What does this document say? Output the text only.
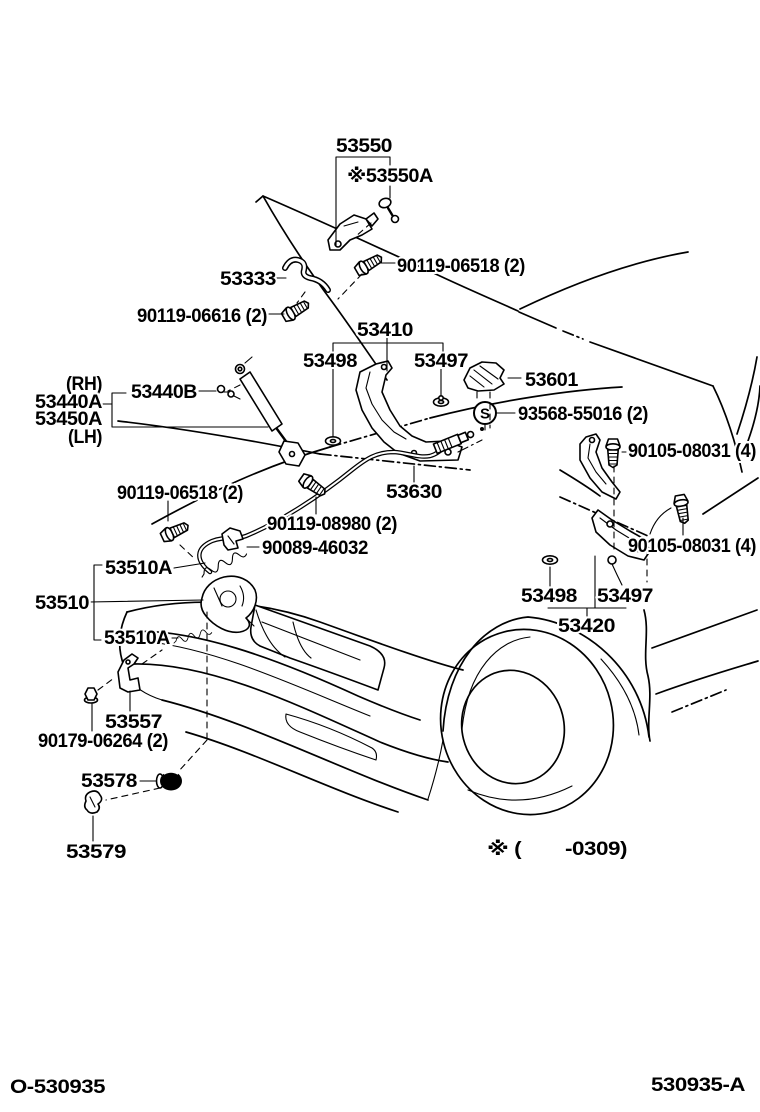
S
53550
※53550A
90119-06518 (2)
53333
90119-06616 (2)
53410
53498	53497
53601
93568-55016 (2)
(RH)
53440A
53450A
(LH)
53440B
90105-08031 (4)
90105-08031 (4)
90119-06518 (2)
90119-08980 (2)
90089-46032
53630
53510A
53510
53510A
53498 53497
53420
53557
90179-06264 (2)
53578
53579	※ (　　-0309)
O-530935	530935-A
